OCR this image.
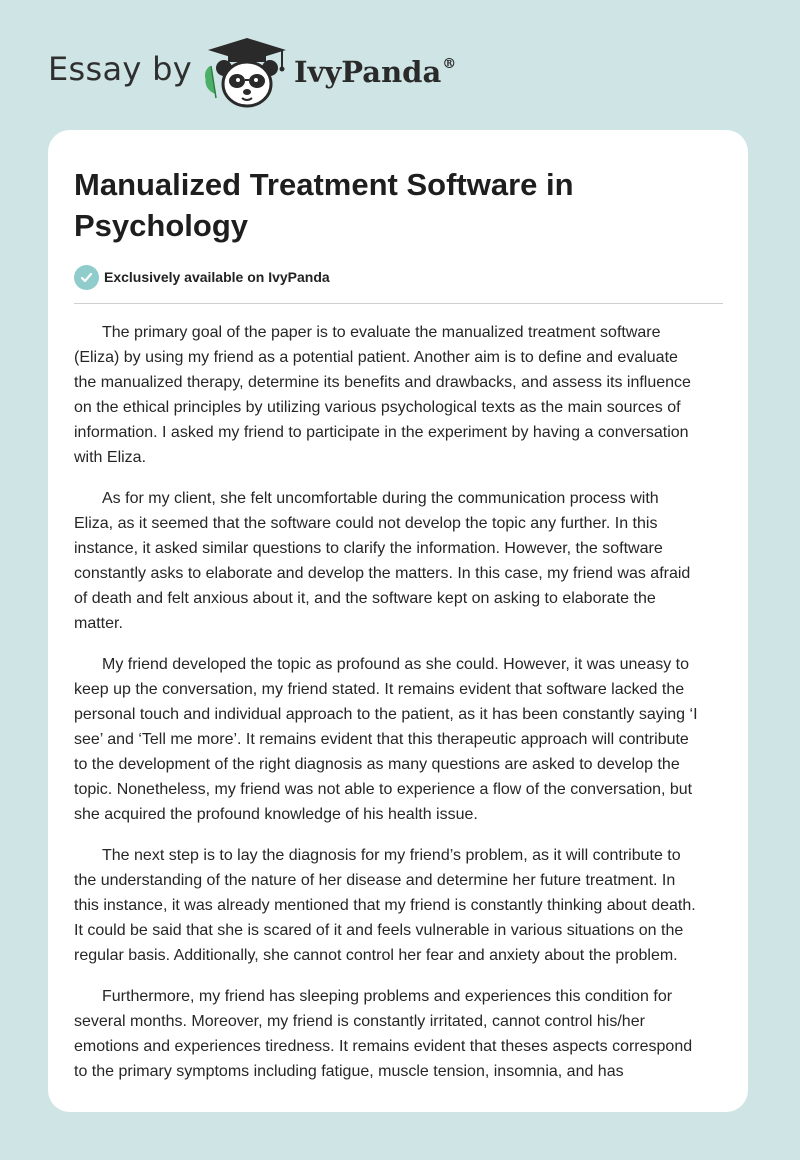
Essay by	IvyPanda®
Manualized Treatment Software in Psychology
Exclusively available on IvyPanda

The primary goal of the paper is to evaluate the manualized treatment software
(Eliza) by using my friend as a potential patient. Another aim is to define and evaluate
the manualized therapy, determine its benefits and drawbacks, and assess its influence
on the ethical principles by utilizing various psychological texts as the main sources of
information. I asked my friend to participate in the experiment by having a conversation
with Eliza.

As for my client, she felt uncomfortable during the communication process with
Eliza, as it seemed that the software could not develop the topic any further. In this
instance, it asked similar questions to clarify the information. However, the software
constantly asks to elaborate and develop the matters. In this case, my friend was afraid
of death and felt anxious about it, and the software kept on asking to elaborate the
matter.

My friend developed the topic as profound as she could. However, it was uneasy to
keep up the conversation, my friend stated. It remains evident that software lacked the
personal touch and individual approach to the patient, as it has been constantly saying ‘I
see’ and ‘Tell me more’. It remains evident that this therapeutic approach will contribute
to the development of the right diagnosis as many questions are asked to develop the
topic. Nonetheless, my friend was not able to experience a flow of the conversation, but
she acquired the profound knowledge of his health issue.

The next step is to lay the diagnosis for my friend’s problem, as it will contribute to
the understanding of the nature of her disease and determine her future treatment. In
this instance, it was already mentioned that my friend is constantly thinking about death.
It could be said that she is scared of it and feels vulnerable in various situations on the
regular basis. Additionally, she cannot control her fear and anxiety about the problem.

Furthermore, my friend has sleeping problems and experiences this condition for
several months. Moreover, my friend is constantly irritated, cannot control his/her
emotions and experiences tiredness. It remains evident that theses aspects correspond
to the primary symptoms including fatigue, muscle tension, insomnia, and has
